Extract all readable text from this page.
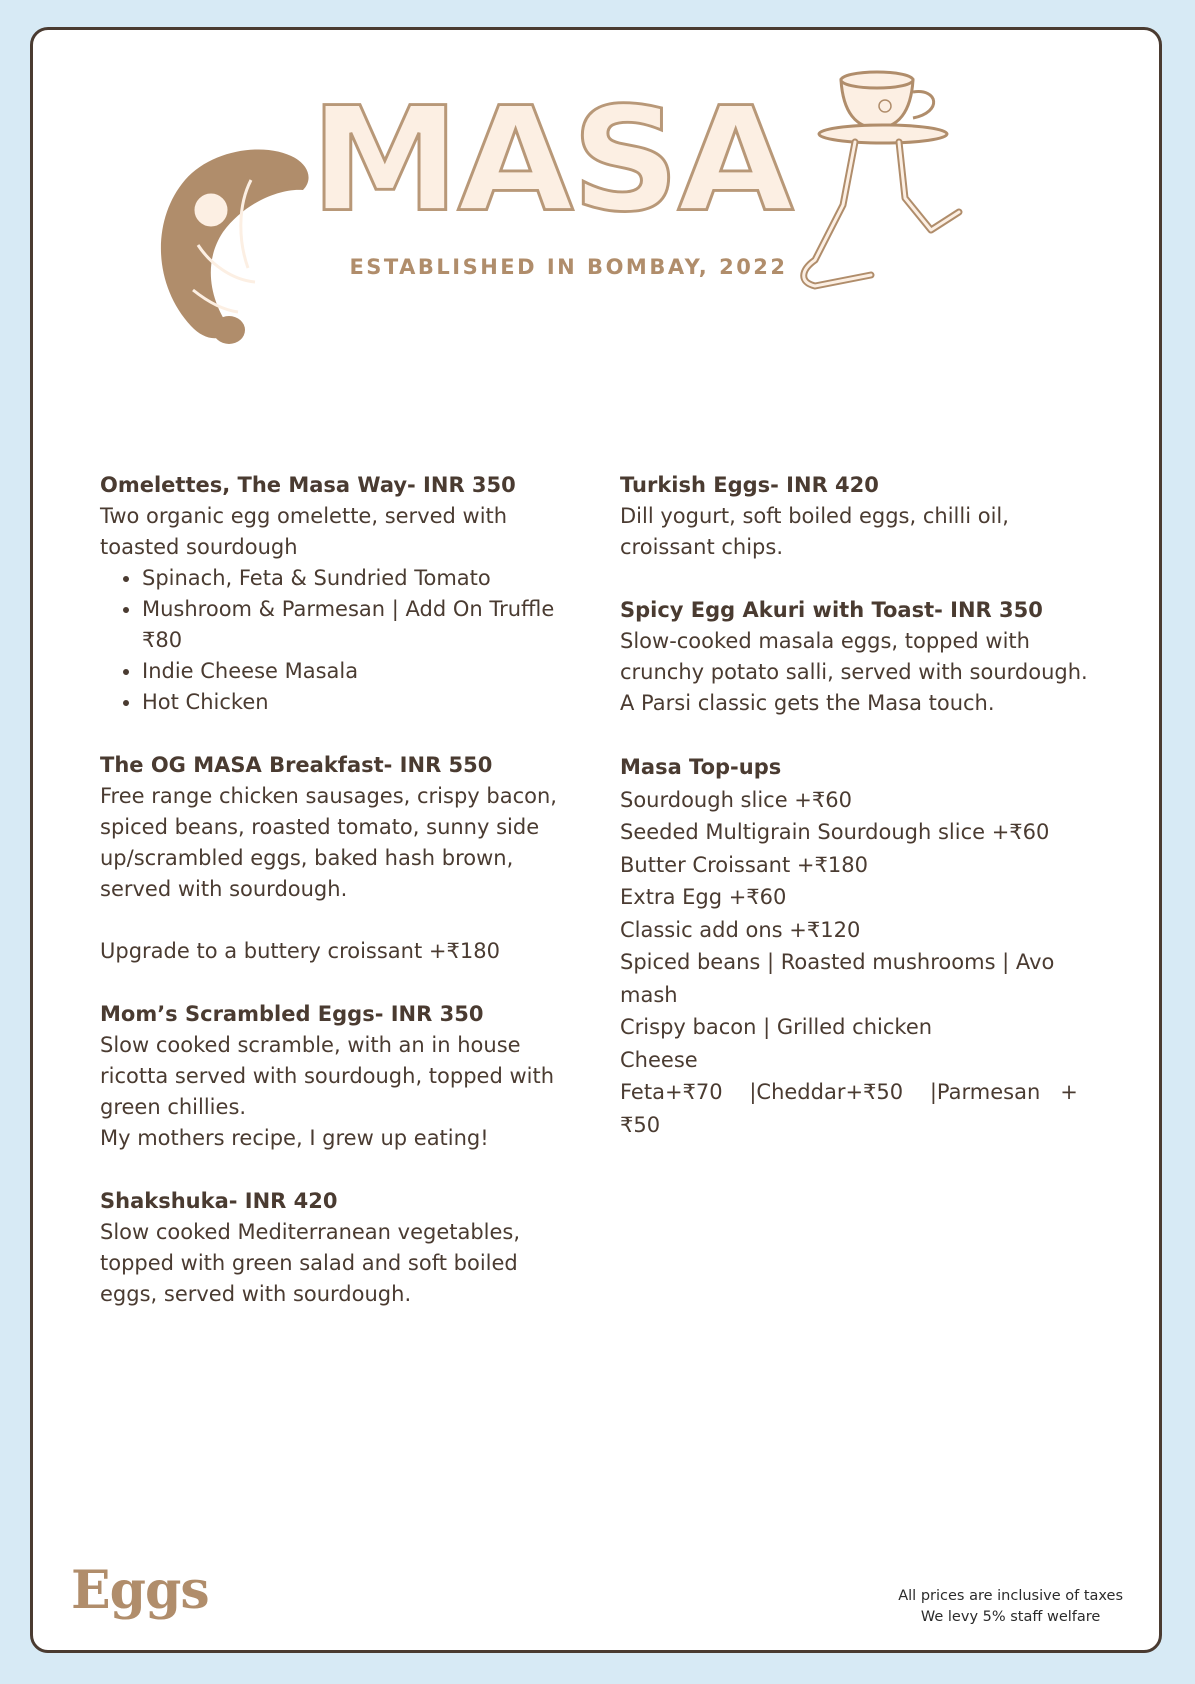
MASA
ESTABLISHED IN BOMBAY, 2022

Omelettes, The Masa Way- INR 350

Two organic egg omelette, served with toasted sourdough

• Spinach, Feta & Sundried Tomato
• Mushroom & Parmesan | Add On Truffle ₹80
• Indie Cheese Masala
• Hot Chicken

The OG MASA Breakfast- INR 550

Free range chicken sausages, crispy bacon, spiced beans, roasted tomato, sunny side up/scrambled eggs, baked hash brown, served with sourdough.

Upgrade to a buttery croissant +₹180

Mom’s Scrambled Eggs- INR 350

Slow cooked scramble, with an in house ricotta served with sourdough, topped with green chillies.

My mothers recipe, I grew up eating!

Shakshuka- INR 420

Slow cooked Mediterranean vegetables, topped with green salad and soft boiled eggs, served with sourdough.

Turkish Eggs- INR 420

Dill yogurt, soft boiled eggs, chilli oil, croissant chips.

Spicy Egg Akuri with Toast- INR 350

Slow-cooked masala eggs, topped with crunchy potato salli, served with sourdough. A Parsi classic gets the Masa touch.

Masa Top-ups

Sourdough slice +₹60

Seeded Multigrain Sourdough slice +₹60

Butter Croissant +₹180

Extra Egg +₹60

Classic add ons +₹120

Spiced beans | Roasted mushrooms | Avo mash

Crispy bacon | Grilled chicken

Cheese

Feta+₹70    |Cheddar+₹50    |Parmesan   + ₹50

Eggs	All prices are inclusive of taxes
We levy 5% staff welfare
